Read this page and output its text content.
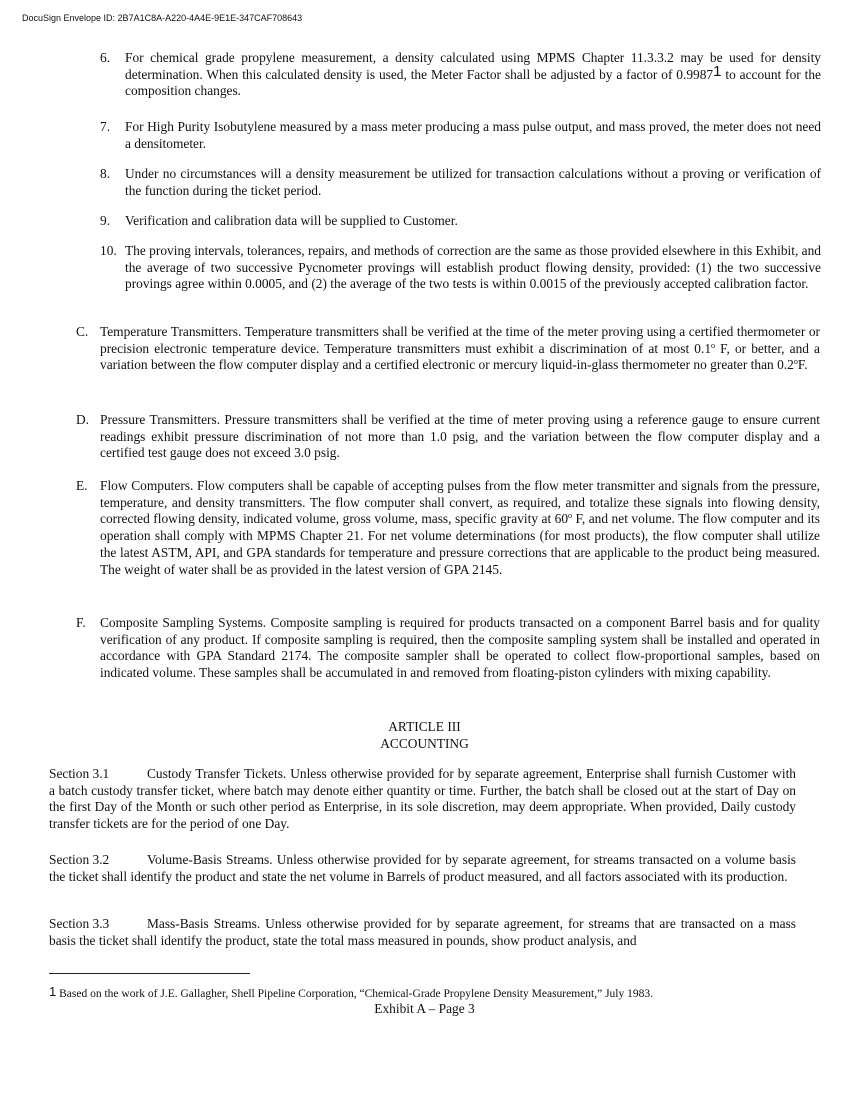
DocuSign Envelope ID: 2B7A1C8A-A220-4A4E-9E1E-347CAF708643
6. For chemical grade propylene measurement, a density calculated using MPMS Chapter 11.3.3.2 may be used for density determination. When this calculated density is used, the Meter Factor shall be adjusted by a factor of 0.9987$^1$ to account for the composition changes.
7. For High Purity Isobutylene measured by a mass meter producing a mass pulse output, and mass proved, the meter does not need a densitometer.
8. Under no circumstances will a density measurement be utilized for transaction calculations without a proving or verification of the function during the ticket period.
9. Verification and calibration data will be supplied to Customer.
10. The proving intervals, tolerances, repairs, and methods of correction are the same as those provided elsewhere in this Exhibit, and the average of two successive Pycnometer provings will establish product flowing density, provided: (1) the two successive provings agree within 0.0005, and (2) the average of the two tests is within 0.0015 of the previously accepted calibration factor.
C. Temperature Transmitters. Temperature transmitters shall be verified at the time of the meter proving using a certified thermometer or precision electronic temperature device. Temperature transmitters must exhibit a discrimination of at most 0.1$^o$ F, or better, and a variation between the flow computer display and a certified electronic or mercury liquid-in-glass thermometer no greater than 0.2$^o$F.
D. Pressure Transmitters. Pressure transmitters shall be verified at the time of meter proving using a reference gauge to ensure current readings exhibit pressure discrimination of not more than 1.0 psig, and the variation between the flow computer display and a certified test gauge does not exceed 3.0 psig.
E. Flow Computers. Flow computers shall be capable of accepting pulses from the flow meter transmitter and signals from the pressure, temperature, and density transmitters. The flow computer shall convert, as required, and totalize these signals into flowing density, corrected flowing density, indicated volume, gross volume, mass, specific gravity at 60$^o$ F, and net volume. The flow computer and its operation shall comply with MPMS Chapter 21. For net volume determinations (for most products), the flow computer shall utilize the latest ASTM, API, and GPA standards for temperature and pressure corrections that are applicable to the product being measured. The weight of water shall be as provided in the latest version of GPA 2145.
F. Composite Sampling Systems. Composite sampling is required for products transacted on a component Barrel basis and for quality verification of any product. If composite sampling is required, then the composite sampling system shall be installed and operated in accordance with GPA Standard 2174. The composite sampler shall be operated to collect flow-proportional samples, based on indicated volume. These samples shall be accumulated in and removed from floating-piston cylinders with mixing capability.
ARTICLE III
ACCOUNTING
Section 3.1	Custody Transfer Tickets. Unless otherwise provided for by separate agreement, Enterprise shall furnish Customer with a batch custody transfer ticket, where batch may denote either quantity or time. Further, the batch shall be closed out at the start of Day on the first Day of the Month or such other period as Enterprise, in its sole discretion, may deem appropriate. When provided, Daily custody transfer tickets are for the period of one Day.
Section 3.2	Volume-Basis Streams. Unless otherwise provided for by separate agreement, for streams transacted on a volume basis the ticket shall identify the product and state the net volume in Barrels of product measured, and all factors associated with its production.
Section 3.3	Mass-Basis Streams. Unless otherwise provided for by separate agreement, for streams that are transacted on a mass basis the ticket shall identify the product, state the total mass measured in pounds, show product analysis, and
$^1$ Based on the work of J.E. Gallagher, Shell Pipeline Corporation, “Chemical-Grade Propylene Density Measurement,” July 1983.
Exhibit A – Page 3
